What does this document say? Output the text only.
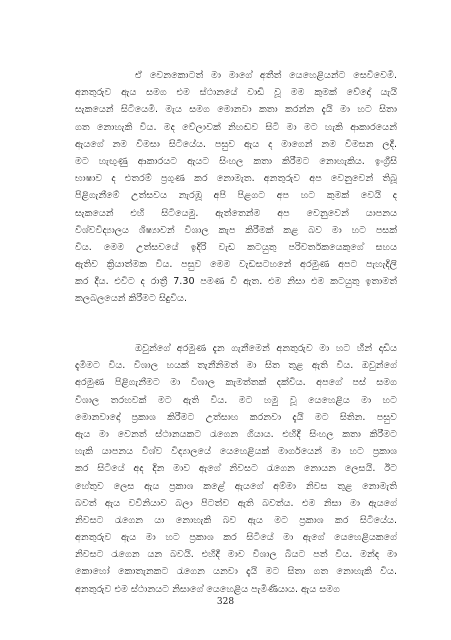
ඒ වෙනකොටත් මා මාගේ අතීත් යෙහෙළියන්ට සෙවිවෙමි.
අනතුරුව ඇය සමග එම ස්ථානයේ වාඩි වූ මම කුමක් වේදෝ යැයි
සැකයෙන් සිටියෙමි. මැය සමග මොනවා කතා කරන්න දැයි මා හට සිතා
ගත නොහැකි විය. මද වේලාවක් නිහඬව සිටි මා මට හැකි ආකාරයෙන්
ඇයගේ නම විමසා සිටියේය. පසුව ඇය ද මාගෙන් නම විමසන ලදී.
මට හැඟුණු ආකාරයට ඇයට සිංහල කතා කිරීමට නොහැකිය. ඉංග්‍රීසි
භාෂාව ද එතරම් ප්‍රගුණ කර නොමැත. අනතුරුව අප වෙනුවෙන් තිබූ
පිළිගැනීමේ උත්සවය නැරඹූ අපි පිළගට අප හට කුමක් වෙයි ද
සැකයෙන් එහි සිටියෙමු. ඇත්තෙන්ම අප වෙනුවෙන් යාපනය
විශ්වවිද්‍යාලය ශිෂ්‍යාවන් විශාල කැප කිරීමක් කළ බව මා හට පසක්
විය. මෙම උත්සවයේ ඉදිරි වැඩ කටයුතු පරිවර්තකයෙකුගේ සහය
ඇතිව ක්‍රියාත්මක විය. පසුව මෙම වැඩසටහනේ අරමුණ අපට පැහැදිලි
කර දීය. එවිට ද රාත්‍රී 7.30 පමණ වී ඇත. එම නිසා එම කටයුතු ඉතාමත්
කලබලයෙන් කිරීමට සිදුවිය.
ඔවුන්ගේ අරමුණ දැන ගැනීමෙන් අනතුරුව මා හට හීන් දාඩිය
දැමීමට විය. විශාල හයක් තැනීනිමත් මා සිත තුළ ඇති විය. ඔවුන්ගේ
අරමුණ පිළිගැනීමට මා විශාල කැමත්තක් දක්විය. අපගේ පස් සමග
විශාල තරහවක් මට ඇති විය. මට හමු වූ යෙහෙළිය මා හට
මොනවාදෝ ප්‍රකාශ කිරීමට උත්සාහ කරනවා දැයි මට සිතින. පසුව
ඇය මා වෙනත් ස්ථානයකට රැගෙන ගියාය. එහිදී සිංහල කතා කිරීමට
හැකි යාපනය විශ්ව විද්‍යාලයේ යෙහෙළියක් මාර්ගයෙන් මා හට ප්‍රකාශ
කර සිටියේ අද දින මාව ඇගේ නිවසට රැගෙන නොයන ලෙසයි. ඊට
හේතුව ලෙස ඇය ප්‍රකාශ කළේ ඇයගේ අම්මා නිවස තුළ නොමැති
බවත් ඇය වවිනියාව බලා පිටත්ව ඇති බවත්ය. එම නිසා මා ඇයගේ
නිවසට රැගෙන යා නොහැකි බව ඇය මට ප්‍රකාශ කර සිටියේය.
අනතුරුව ඇය මා හට ප්‍රකාශ කර සිටියේ මා ඇගේ යෙහෙළියකගේ
නිවසට රැගෙන යන බවයි. එහිදී මාව විශාල බියට පත් විය. මන්ද මා
කොහෝ කොතැනකට රැගෙන යනවා දැයි මට සිතා ගත නොහැකි විය.
අනතුරුව එම ස්ථානයට නිසාගේ යෙහෙළිය පැමිණියාය. ඇය සමග
328
